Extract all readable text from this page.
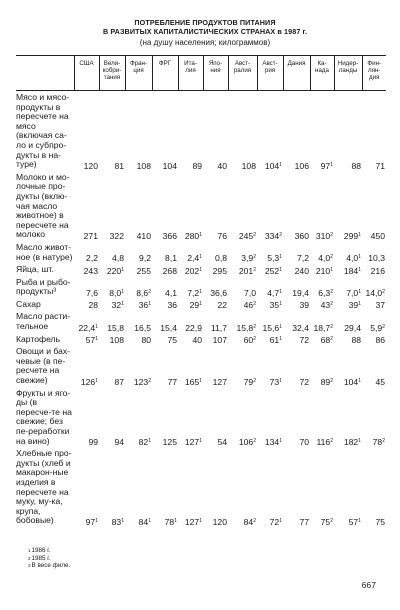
ПОТРЕБЛЕНИЕ ПРОДУКТОВ ПИТАНИЯ
В РАЗВИТЫХ КАПИТАЛИСТИЧЕСКИХ СТРАНАХ в 1987 г.
(на душу населения; килограммов)
	США	Вели-кобри-тания	Фран-ция	ФРГ	Ита-лия	Япо-ния	Авст-ралия	Авст-рия	Дания	Ка-нада	Нидер-ланды	Фин-лян-дия
Мясо и мясо-продукты в пересчете на мясо (включая са-ло и субпро-дукты в на-туре)	120	81	108	104	89	40	108	$104^1$	106	$97^1$	88	71
Молоко и мо-лочные про-дукты (вклю-чая масло животное) в пересчете на молоко	271	322	410	366	$280^1$	76	$245^2$	$334^2$	360	$310^2$	$299^1$	450
Масло живот-ное (в натуре)	2,2	4,8	9,2	8,1	$2,4^1$	0,8	$3,9^2$	$5,3^1$	7,2	$4,0^2$	$4,0^1$	10,3
Яйца, шт.	243	$220^1$	255	268	$202^1$	295	$201^2$	$252^1$	240	$210^1$	$184^1$	216
Рыба и рыбо-продукты³	7,6	$8,0^1$	$8,6^2$	4,1	$7,2^1$	36,6	7,0	$4,7^1$	19,4	$6,3^2$	$7,0^1$	14,0$^2$
Сахар	28	$32^1$	$36^1$	36	$29^1$	22	$46^2$	$35^1$	39	$43^2$	$39^1$	37
Масло расти-тельное	22,4$^1$	15,8	16,5	15,4	22,9	11,7	15,8$^2$	15,6$^1$	32,4	18,7$^2$	29,4	$5,9^2$
Картофель	$57^1$	108	80	75	40	107	$60^2$	$61^1$	72	$68^2$	88	86
Овощи и бах-чевые (в пе-ресчете на свежие)	$126^1$	87	$123^2$	77	$165^1$	127	$79^2$	$73^1$	72	$89^2$	$104^1$	45
Фрукты и яго-ды (в пересче-те на свежие; без пе-реработки на вино)	99	94	$82^1$	125	$127^1$	54	$106^2$	$134^1$	70	$116^2$	$182^1$	$78^2$
Хлебные про-дукты (хлеб и макарон-ные изделия в пересчете на муку, му-ка, крупа, бобовые)	$97^1$	$83^1$	$84^1$	$78^1$	$127^1$	120	$84^2$	$72^1$	77	$75^2$	$57^1$	75
1 1986 г.
2 1985 г.
3 В весе филе.
667
